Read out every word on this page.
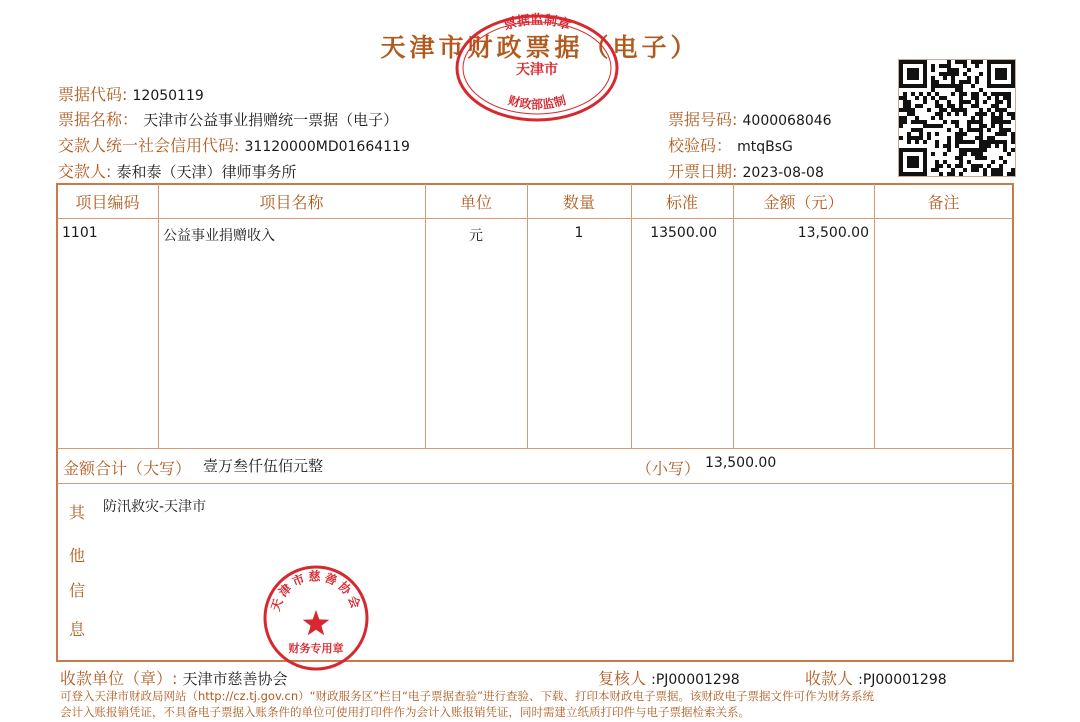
天津市财政票据（电子）
票据监制章
天津市
财政部监制
票据代码: 12050119
票据名称： 天津市公益事业捐赠统一票据（电子）
交款人统一社会信用代码: 31120000MD01664119
交款人: 泰和泰（天津）律师事务所
票据号码: 4000068046
校验码： mtqBsG
开票日期: 2023-08-08
项目编码	项目名称	单位	数量	标准	金额（元）	备注
1101	公益事业捐赠收入	元	1	13500.00	13,500.00
金额合计（大写） 壹万叁仟伍佰元整	（小写） 13,500.00
其
他
信
息
防汛救灾-天津市
天津市慈善协会
财务专用章
收款单位（章）: 天津市慈善协会	复核人 :PJ00001298	收款人 :PJ00001298
可登入天津市财政局网站（http://cz.tj.gov.cn）“财政服务区”栏目“电子票据查验”进行查验、下载、打印本财政电子票据。该财政电子票据文件可作为财务系统
会计入账报销凭证，不具备电子票据入账条件的单位可使用打印件作为会计入账报销凭证，同时需建立纸质打印件与电子票据检索关系。
